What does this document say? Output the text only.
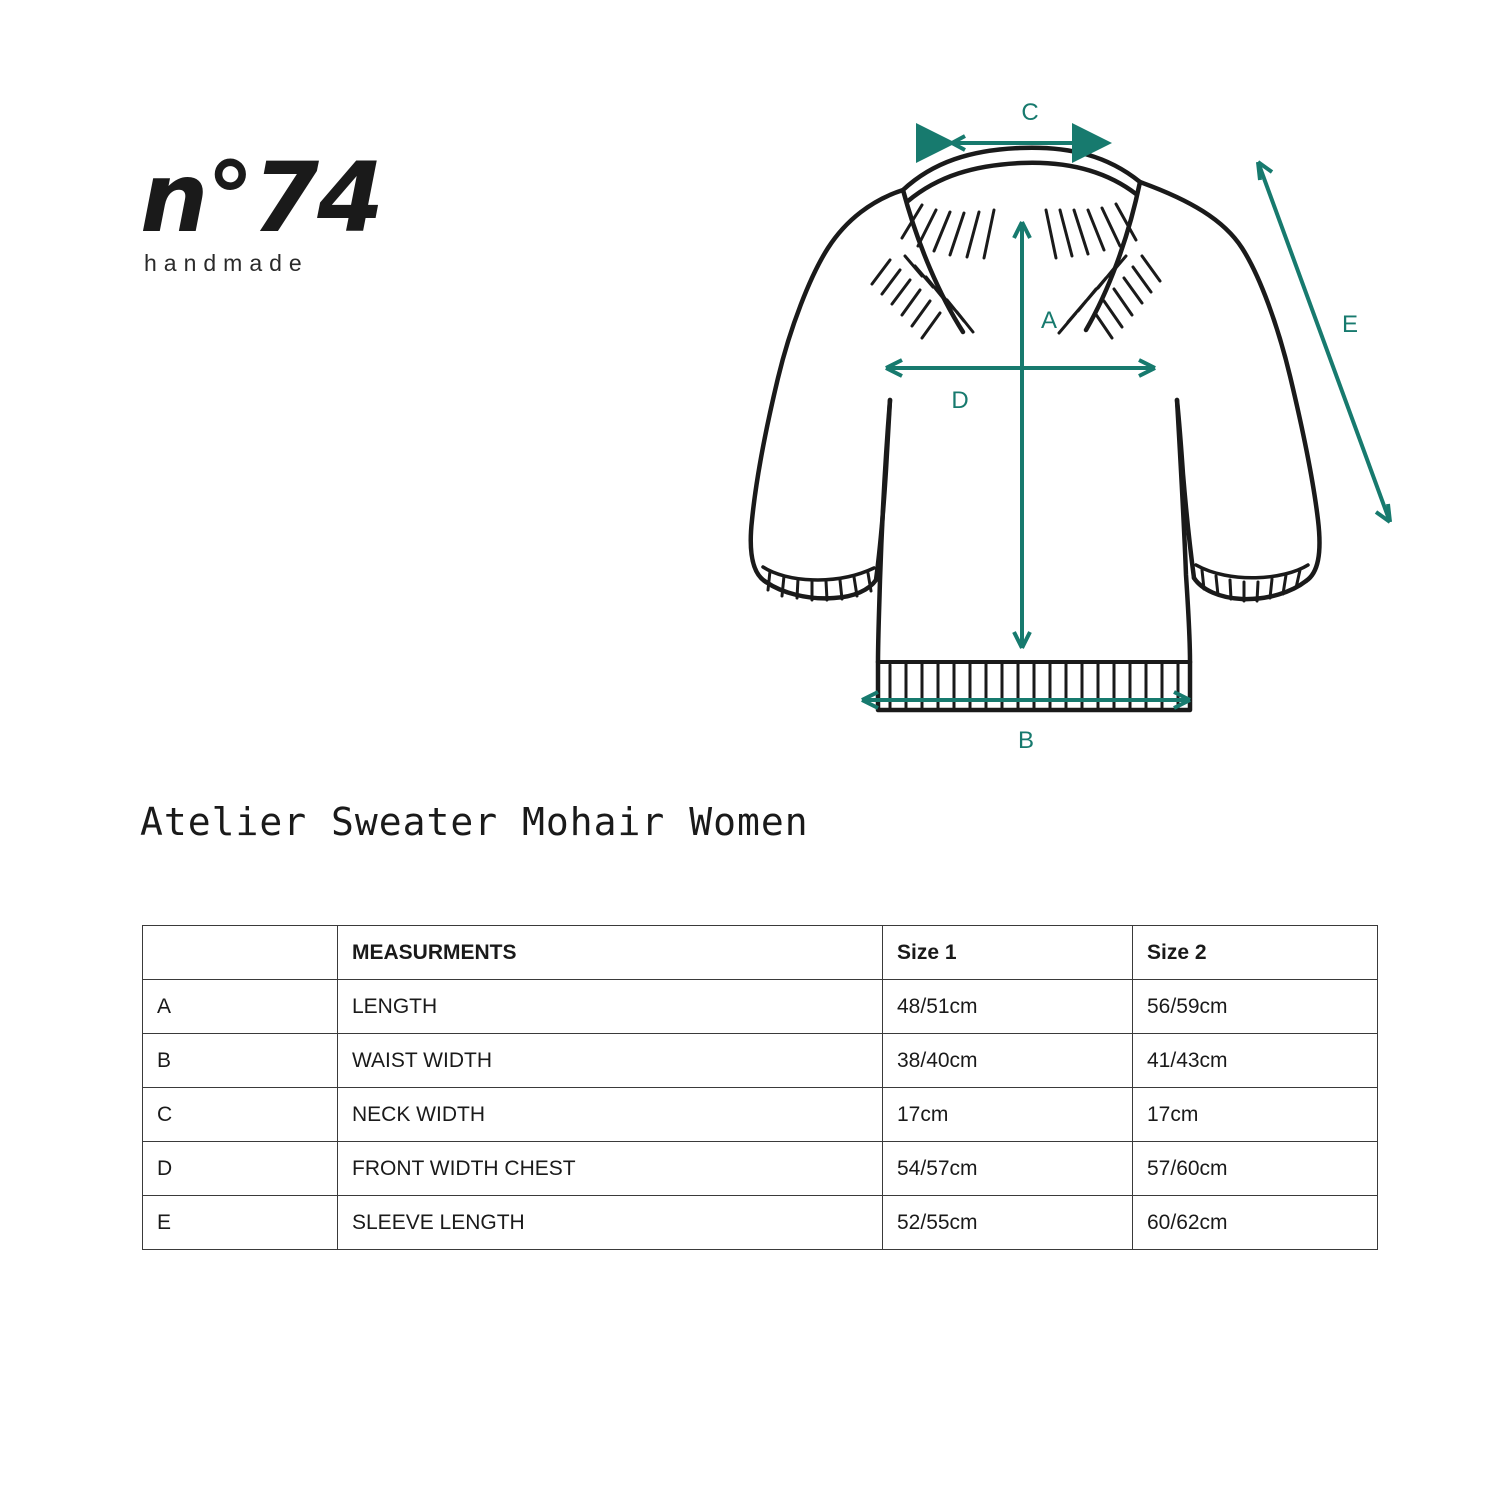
n°74
handmade
C
A
D
B
E
Atelier Sweater Mohair Women
	MEASURMENTS	Size 1	Size 2
A	LENGTH	48/51cm	56/59cm
B	WAIST WIDTH	38/40cm	41/43cm
C	NECK WIDTH	17cm	17cm
D	FRONT WIDTH CHEST	54/57cm	57/60cm
E	SLEEVE LENGTH	52/55cm	60/62cm
